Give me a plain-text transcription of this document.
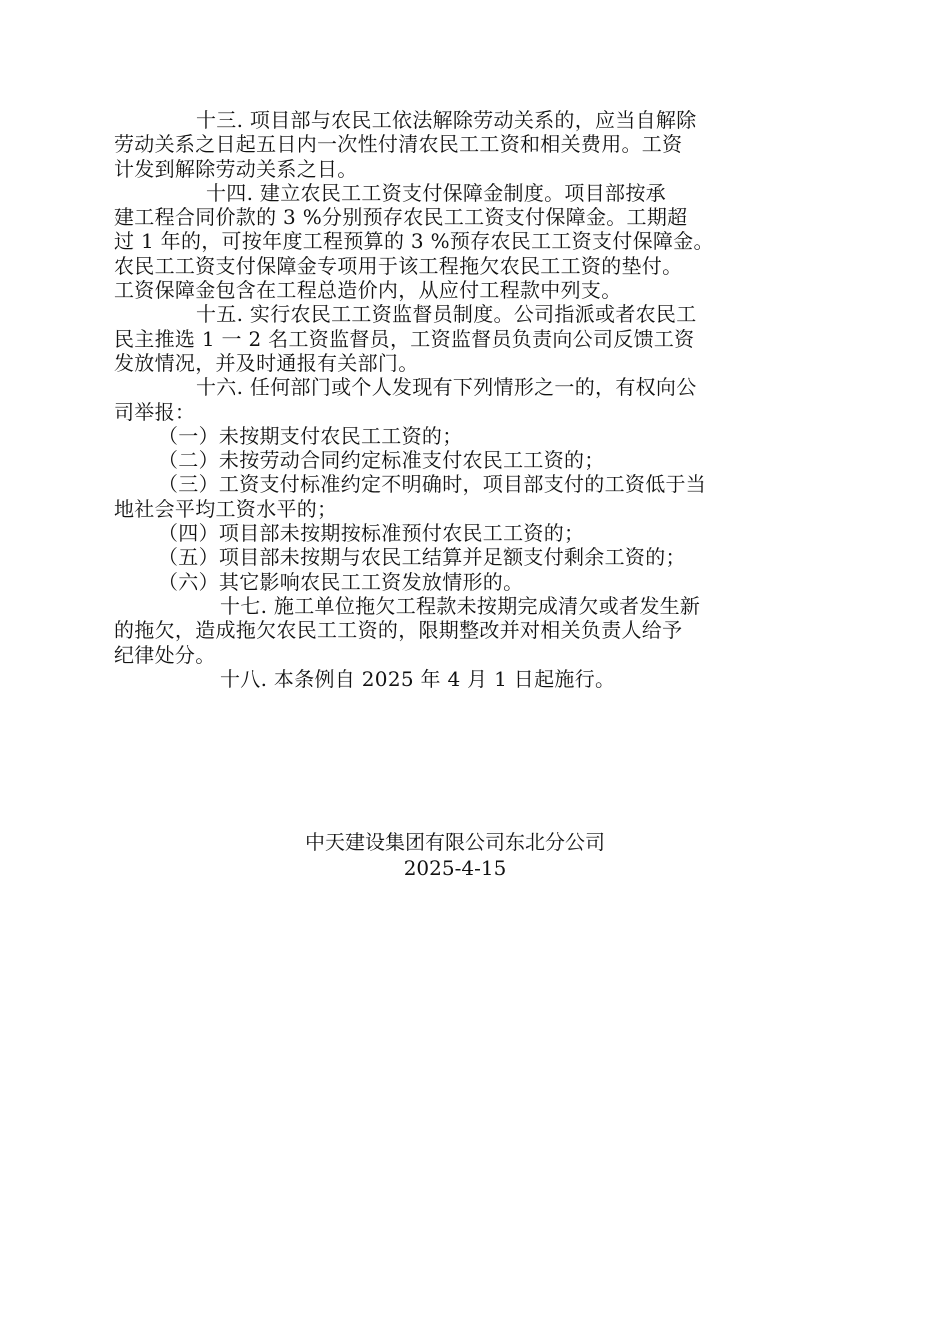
十三. 项目部与农民工依法解除劳动关系的，应当自解除
劳动关系之日起五日内一次性付清农民工工资和相关费用。工资
计发到解除劳动关系之日。
十四. 建立农民工工资支付保障金制度。项目部按承
建工程合同价款的 3 %分别预存农民工工资支付保障金。工期超
过 1 年的，可按年度工程预算的 3 %预存农民工工资支付保障金。
农民工工资支付保障金专项用于该工程拖欠农民工工资的垫付。
工资保障金包含在工程总造价内，从应付工程款中列支。
十五. 实行农民工工资监督员制度。公司指派或者农民工
民主推选 1 一 2 名工资监督员，工资监督员负责向公司反馈工资
发放情况，并及时通报有关部门。
十六. 任何部门或个人发现有下列情形之一的，有权向公
司举报：
（一）未按期支付农民工工资的；
（二）未按劳动合同约定标准支付农民工工资的；
（三）工资支付标准约定不明确时，项目部支付的工资低于当
地社会平均工资水平的；
（四）项目部未按期按标准预付农民工工资的；
（五）项目部未按期与农民工结算并足额支付剩余工资的；
（六）其它影响农民工工资发放情形的。
十七. 施工单位拖欠工程款未按期完成清欠或者发生新
的拖欠，造成拖欠农民工工资的，限期整改并对相关负责人给予
纪律处分。
十八. 本条例自 2025 年 4 月 1 日起施行。
中天建设集团有限公司东北分公司
2025-4-15
